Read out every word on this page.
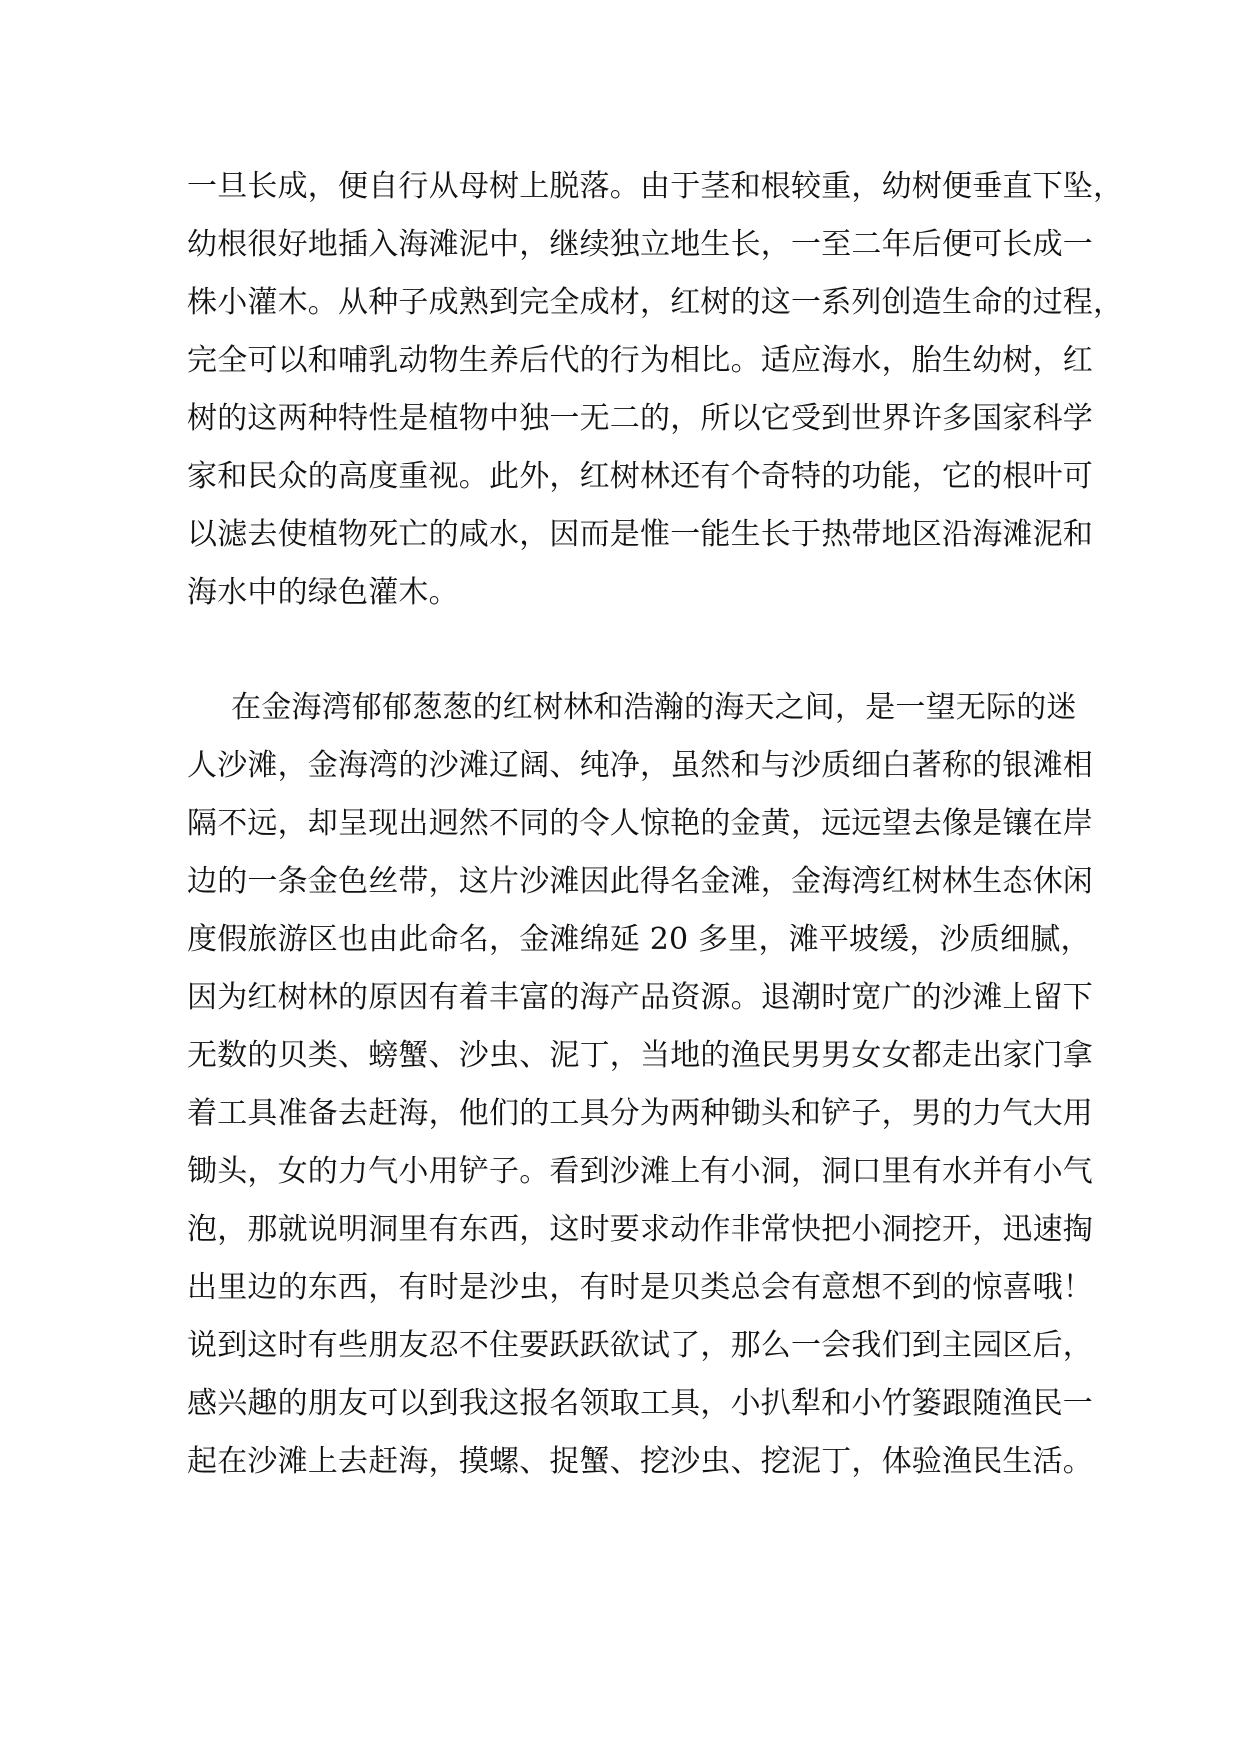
一旦长成，便自行从母树上脱落。由于茎和根较重，幼树便垂直下坠，
幼根很好地插入海滩泥中，继续独立地生长，一至二年后便可长成一
株小灌木。从种子成熟到完全成材，红树的这一系列创造生命的过程，
完全可以和哺乳动物生养后代的行为相比。适应海水，胎生幼树，红
树的这两种特性是植物中独一无二的，所以它受到世界许多国家科学
家和民众的高度重视。此外，红树林还有个奇特的功能，它的根叶可
以滤去使植物死亡的咸水，因而是惟一能生长于热带地区沿海滩泥和
海水中的绿色灌木。
在金海湾郁郁葱葱的红树林和浩瀚的海天之间，是一望无际的迷
人沙滩，金海湾的沙滩辽阔、纯净，虽然和与沙质细白著称的银滩相
隔不远，却呈现出迥然不同的令人惊艳的金黄，远远望去像是镶在岸
边的一条金色丝带，这片沙滩因此得名金滩，金海湾红树林生态休闲
度假旅游区也由此命名，金滩绵延 20 多里，滩平坡缓，沙质细腻，
因为红树林的原因有着丰富的海产品资源。退潮时宽广的沙滩上留下
无数的贝类、螃蟹、沙虫、泥丁，当地的渔民男男女女都走出家门拿
着工具准备去赶海，他们的工具分为两种锄头和铲子，男的力气大用
锄头，女的力气小用铲子。看到沙滩上有小洞，洞口里有水并有小气
泡，那就说明洞里有东西，这时要求动作非常快把小洞挖开，迅速掏
出里边的东西，有时是沙虫，有时是贝类总会有意想不到的惊喜哦！
说到这时有些朋友忍不住要跃跃欲试了，那么一会我们到主园区后，
感兴趣的朋友可以到我这报名领取工具，小扒犁和小竹篓跟随渔民一
起在沙滩上去赶海，摸螺、捉蟹、挖沙虫、挖泥丁，体验渔民生活。
